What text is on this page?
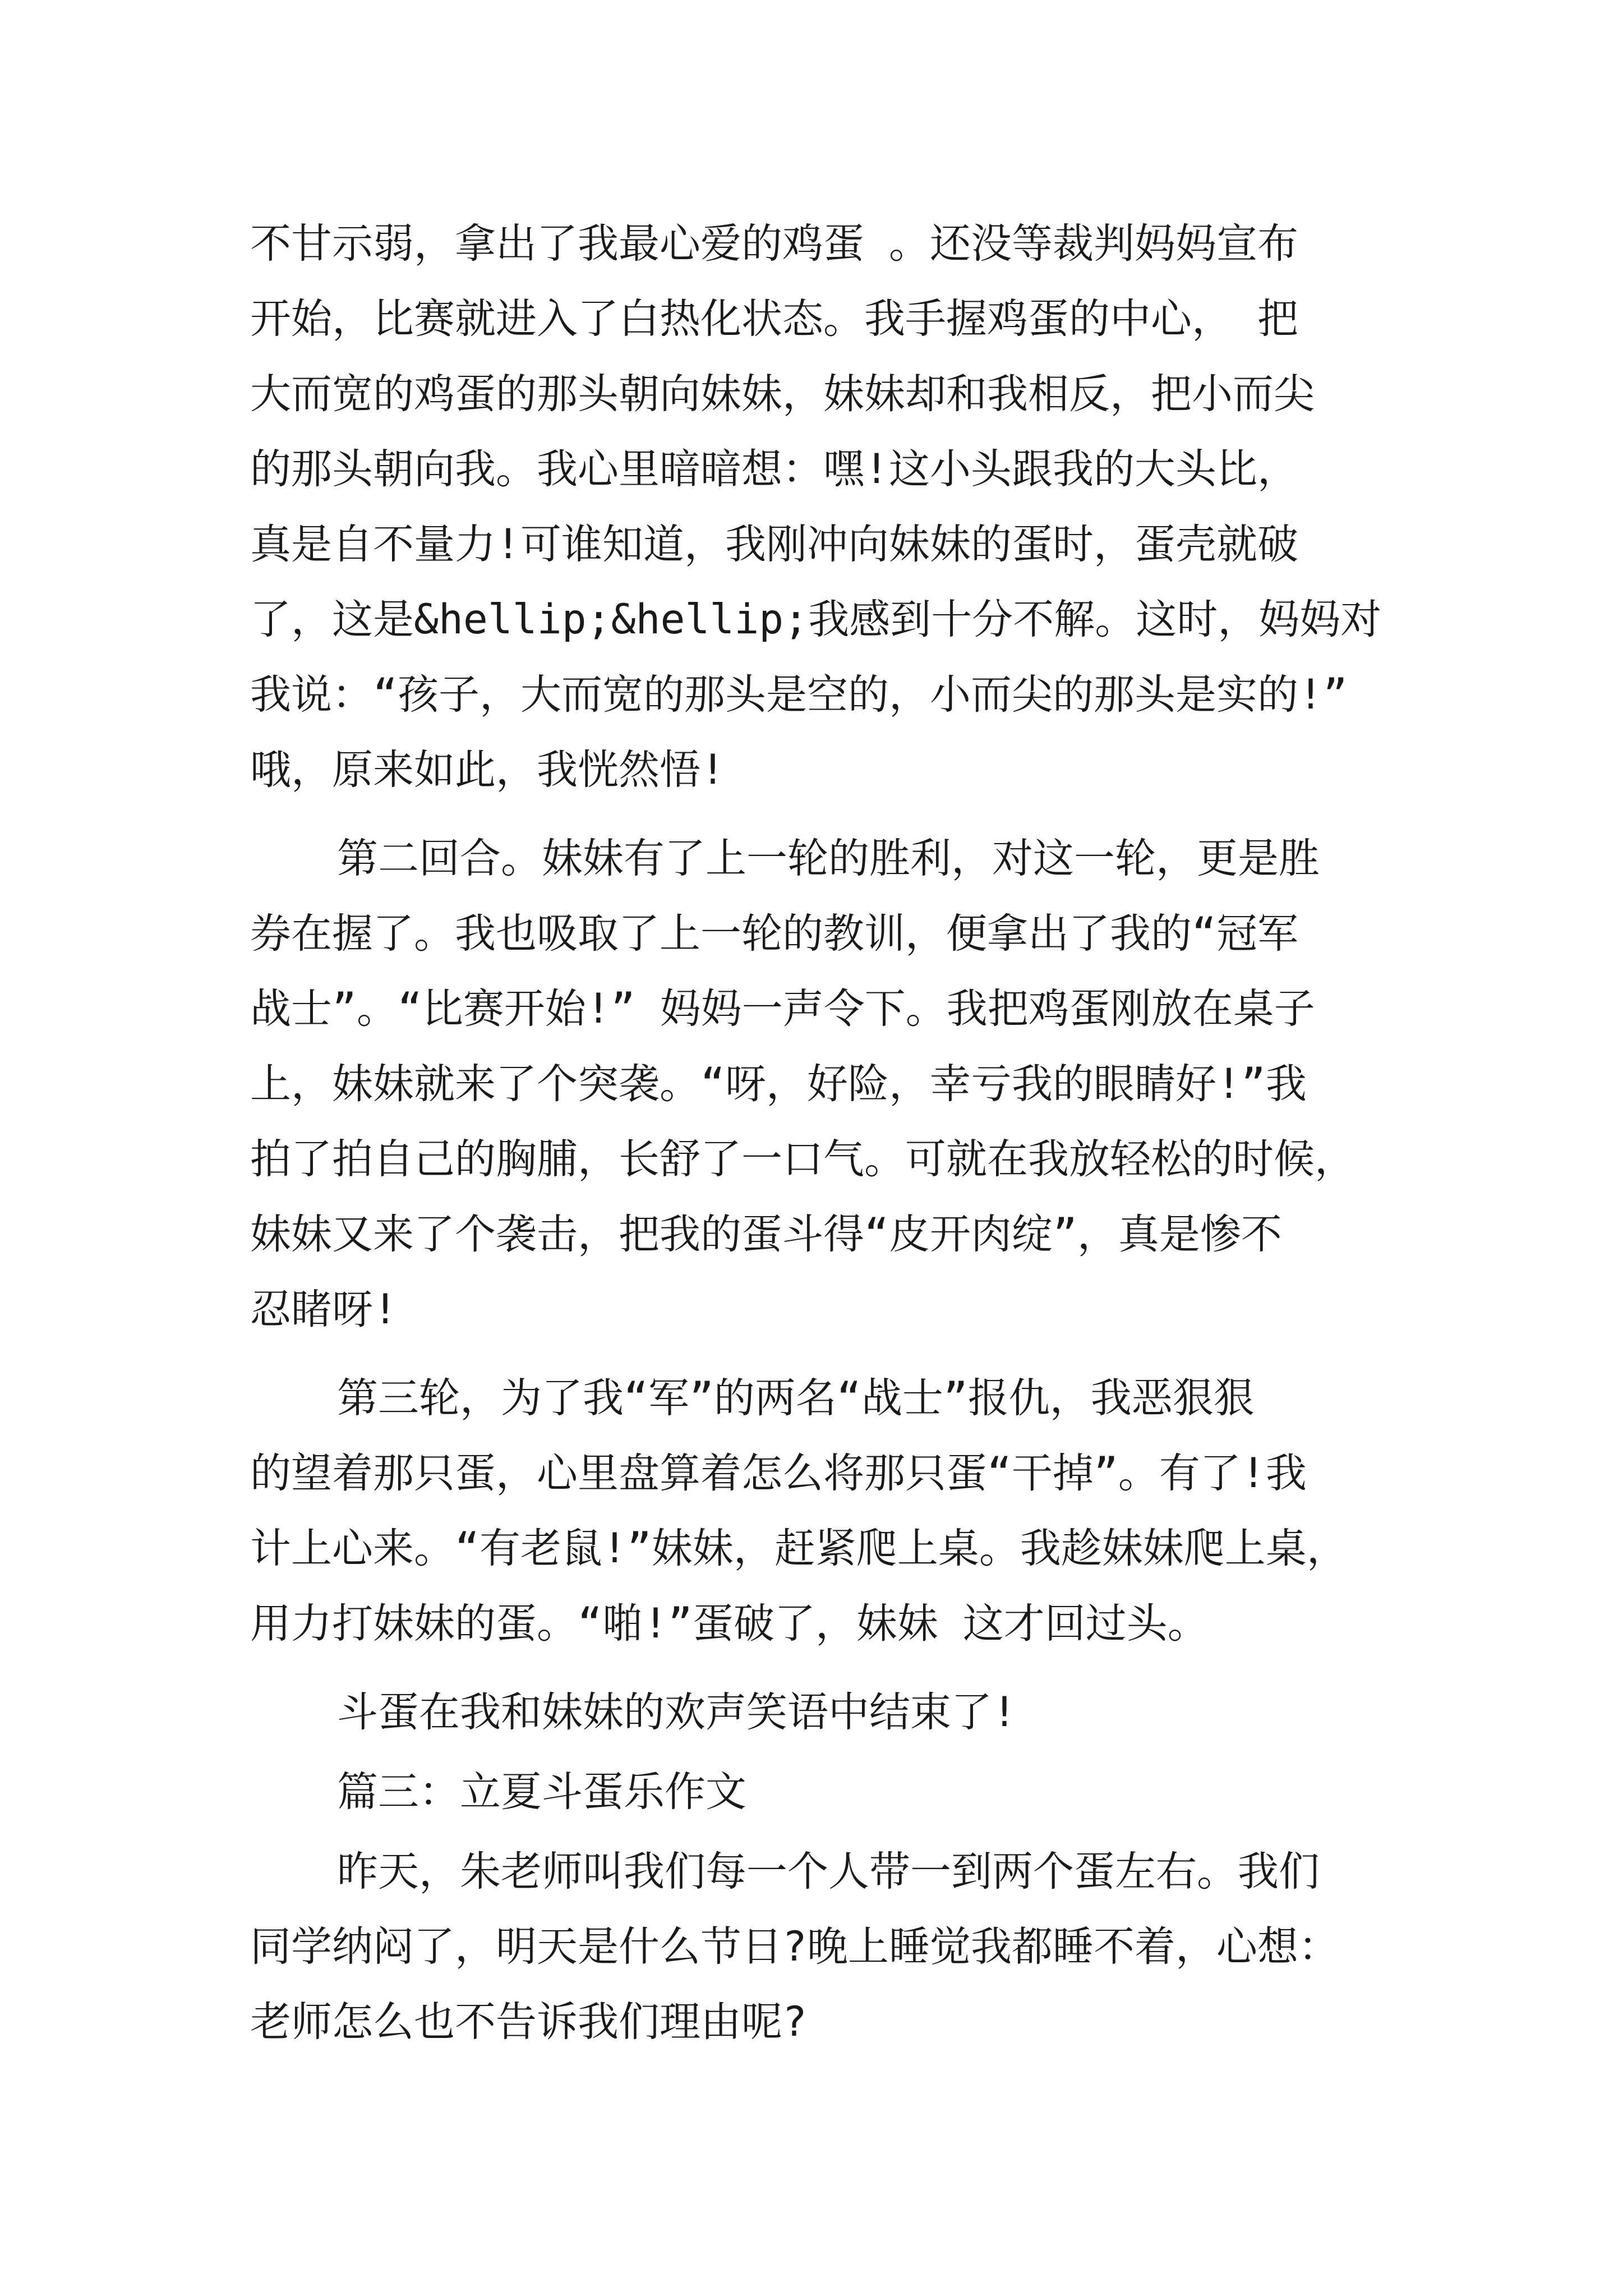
不甘示弱，拿出了我最心爱的鸡蛋 。还没等裁判妈妈宣布
开始，比赛就进入了白热化状态。我手握鸡蛋的中心， 把
大而宽的鸡蛋的那头朝向妹妹，妹妹却和我相反，把小而尖
的那头朝向我。我心里暗暗想：嘿!这小头跟我的大头比，
真是自不量力!可谁知道，我刚冲向妹妹的蛋时，蛋壳就破
了，这是&hellip;&hellip;我感到十分不解。这时，妈妈对
我说：“孩子，大而宽的那头是空的，小而尖的那头是实的!”
哦，原来如此，我恍然悟!
第二回合。妹妹有了上一轮的胜利，对这一轮，更是胜
券在握了。我也吸取了上一轮的教训，便拿出了我的“冠军
战士”。“比赛开始!” 妈妈一声令下。我把鸡蛋刚放在桌子
上，妹妹就来了个突袭。“呀，好险，幸亏我的眼睛好!”我
拍了拍自己的胸脯，长舒了一口气。可就在我放轻松的时候，
妹妹又来了个袭击，把我的蛋斗得“皮开肉绽”，真是惨不
忍睹呀!
第三轮，为了我“军”的两名“战士”报仇，我恶狠狠
的望着那只蛋，心里盘算着怎么将那只蛋“干掉”。有了!我
计上心来。“有老鼠!”妹妹，赶紧爬上桌。我趁妹妹爬上桌，
用力打妹妹的蛋。“啪!”蛋破了，妹妹 这才回过头。
斗蛋在我和妹妹的欢声笑语中结束了!
篇三：立夏斗蛋乐作文
昨天，朱老师叫我们每一个人带一到两个蛋左右。我们
同学纳闷了，明天是什么节日?晚上睡觉我都睡不着，心想：
老师怎么也不告诉我们理由呢?
